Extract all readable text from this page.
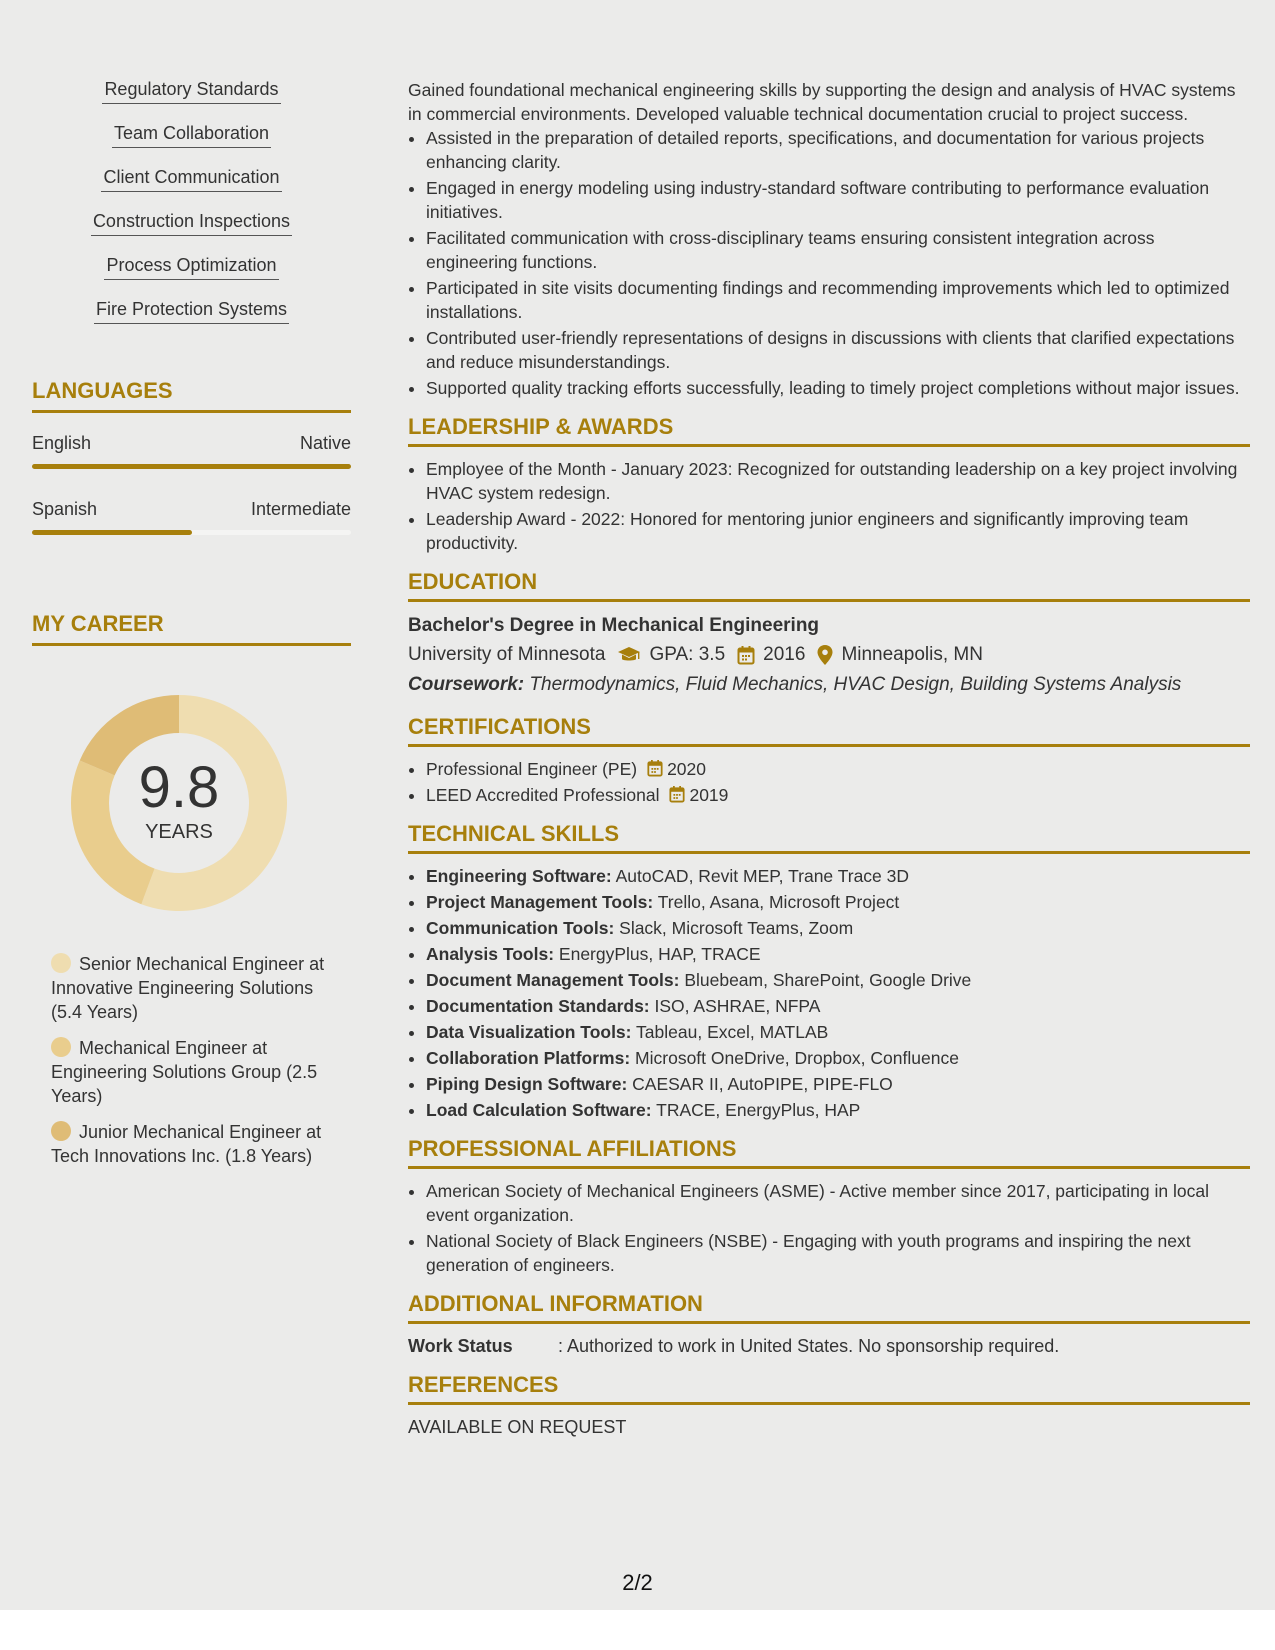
Regulatory Standards
Team Collaboration
Client Communication
Construction Inspections
Process Optimization
Fire Protection Systems
LANGUAGES
English	Native
Spanish	Intermediate
MY CAREER
9.8
YEARS
Senior Mechanical Engineer at Innovative Engineering Solutions (5.4 Years)
Mechanical Engineer at Engineering Solutions Group (2.5 Years)
Junior Mechanical Engineer at Tech Innovations Inc. (1.8 Years)

Gained foundational mechanical engineering skills by supporting the design and analysis of HVAC systems in commercial environments. Developed valuable technical documentation crucial to project success.

• Assisted in the preparation of detailed reports, specifications, and documentation for various projects enhancing clarity.
• Engaged in energy modeling using industry-standard software contributing to performance evaluation initiatives.
• Facilitated communication with cross-disciplinary teams ensuring consistent integration across engineering functions.
• Participated in site visits documenting findings and recommending improvements which led to optimized installations.
• Contributed user-friendly representations of designs in discussions with clients that clarified expectations and reduce misunderstandings.
• Supported quality tracking efforts successfully, leading to timely project completions without major issues.
LEADERSHIP & AWARDS
• Employee of the Month - January 2023: Recognized for outstanding leadership on a key project involving HVAC system redesign.
• Leadership Award - 2022: Honored for mentoring junior engineers and significantly improving team productivity.
EDUCATION
Bachelor's Degree in Mechanical Engineering
University of Minnesota GPA: 3.5 2016 Minneapolis, MN
Coursework: Thermodynamics, Fluid Mechanics, HVAC Design, Building Systems Analysis
CERTIFICATIONS
• Professional Engineer (PE) 2020
• LEED Accredited Professional 2019
TECHNICAL SKILLS
• Engineering Software: AutoCAD, Revit MEP, Trane Trace 3D
• Project Management Tools: Trello, Asana, Microsoft Project
• Communication Tools: Slack, Microsoft Teams, Zoom
• Analysis Tools: EnergyPlus, HAP, TRACE
• Document Management Tools: Bluebeam, SharePoint, Google Drive
• Documentation Standards: ISO, ASHRAE, NFPA
• Data Visualization Tools: Tableau, Excel, MATLAB
• Collaboration Platforms: Microsoft OneDrive, Dropbox, Confluence
• Piping Design Software: CAESAR II, AutoPIPE, PIPE-FLO
• Load Calculation Software: TRACE, EnergyPlus, HAP
PROFESSIONAL AFFILIATIONS
• American Society of Mechanical Engineers (ASME) - Active member since 2017, participating in local event organization.
• National Society of Black Engineers (NSBE) - Engaging with youth programs and inspiring the next generation of engineers.
ADDITIONAL INFORMATION
Work Status	: Authorized to work in United States. No sponsorship required.
REFERENCES
AVAILABLE ON REQUEST
2/2
